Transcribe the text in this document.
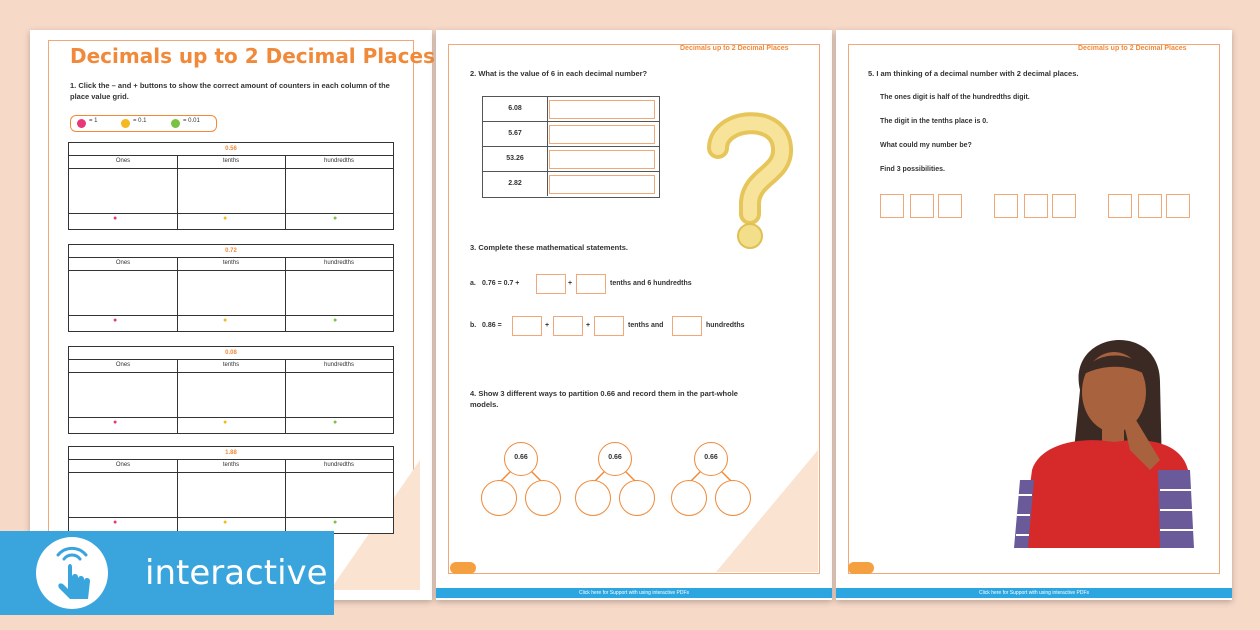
Decimals up to 2 Decimal Places
1. Click the – and + buttons to show the correct amount of counters in each column of the place value grid.
= 1	= 0.1	= 0.01
0.56
Ones	tenths	hundredths
●	●	●
0.72
Ones	tenths	hundredths
●	●	●
0.08
Ones	tenths	hundredths
●	●	●
1.88
Ones	tenths	hundredths
●	●	●
Click here for Support with using interactive PDFs
Decimals up to 2 Decimal Places
2. What is the value of 6 in each decimal number?
6.08
5.67
53.26
2.82
3. Complete these mathematical statements.
a. 0.76 = 0.7 +	+	tenths and 6 hundredths
b. 0.86 =	+	+	tenths and	hundredths
4. Show 3 different ways to partition 0.66 and record them in the part-whole models.
0.66	0.66	0.66
Click here for Support with using interactive PDFs
Decimals up to 2 Decimal Places
5. I am thinking of a decimal number with 2 decimal places.
The ones digit is half of the hundredths digit.
The digit in the tenths place is 0.
What could my number be?
Find 3 possibilities.
interactive
